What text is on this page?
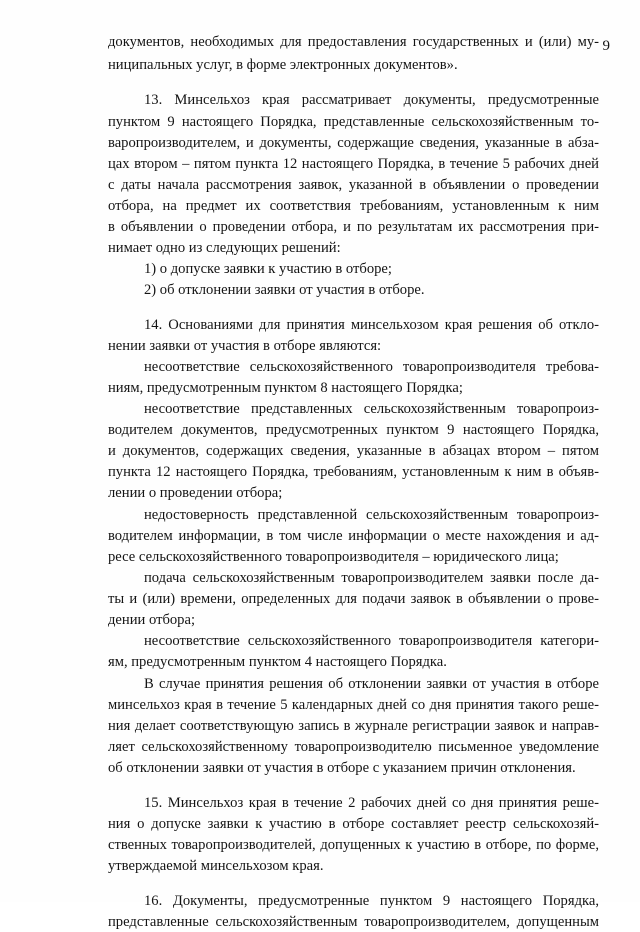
9
документов, необходимых для предоставления государственных и (или) му-
ниципальных услуг, в форме электронных документов».
13. Минсельхоз края рассматривает документы, предусмотренные
пунктом 9 настоящего Порядка, представленные сельскохозяйственным то-
варопроизводителем, и документы, содержащие сведения, указанные в абза-
цах втором – пятом пункта 12 настоящего Порядка, в течение 5 рабочих дней
с даты начала рассмотрения заявок, указанной в объявлении о проведении
отбора, на предмет их соответствия требованиям, установленным к ним
в объявлении о проведении отбора, и по результатам их рассмотрения при-
нимает одно из следующих решений:
1) о допуске заявки к участию в отборе;
2) об отклонении заявки от участия в отборе.
14. Основаниями для принятия минсельхозом края решения об откло-
нении заявки от участия в отборе являются:
несоответствие сельскохозяйственного товаропроизводителя требова-
ниям, предусмотренным пунктом 8 настоящего Порядка;
несоответствие представленных сельскохозяйственным товаропроиз-
водителем документов, предусмотренных пунктом 9 настоящего Порядка,
и документов, содержащих сведения, указанные в абзацах втором – пятом
пункта 12 настоящего Порядка, требованиям, установленным к ним в объяв-
лении о проведении отбора;
недостоверность представленной сельскохозяйственным товаропроиз-
водителем информации, в том числе информации о месте нахождения и ад-
ресе сельскохозяйственного товаропроизводителя – юридического лица;
подача сельскохозяйственным товаропроизводителем заявки после да-
ты и (или) времени, определенных для подачи заявок в объявлении о прове-
дении отбора;
несоответствие сельскохозяйственного товаропроизводителя категори-
ям, предусмотренным пунктом 4 настоящего Порядка.
В случае принятия решения об отклонении заявки от участия в отборе
минсельхоз края в течение 5 календарных дней со дня принятия такого реше-
ния делает соответствующую запись в журнале регистрации заявок и направ-
ляет сельскохозяйственному товаропроизводителю письменное уведомление
об отклонении заявки от участия в отборе с указанием причин отклонения.
15. Минсельхоз края в течение 2 рабочих дней со дня принятия реше-
ния о допуске заявки к участию в отборе составляет реестр сельскохозяй-
ственных товаропроизводителей, допущенных к участию в отборе, по форме,
утверждаемой минсельхозом края.
16. Документы, предусмотренные пунктом 9 настоящего Порядка,
представленные сельскохозяйственным товаропроизводителем, допущенным
